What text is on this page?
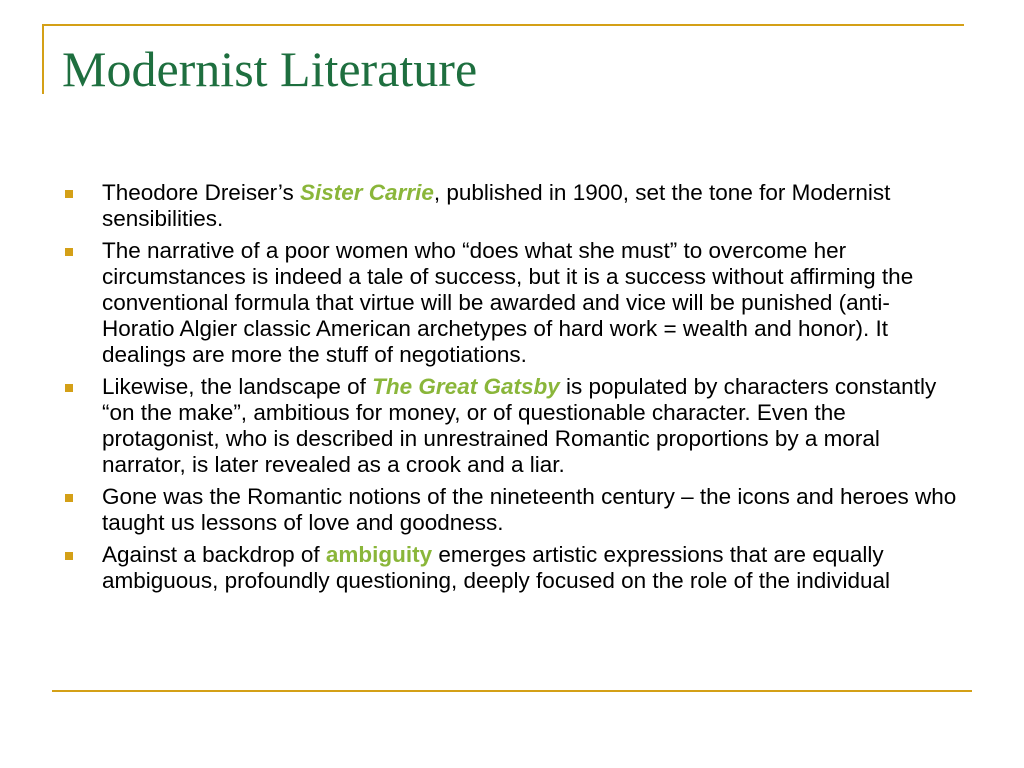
Modernist Literature
Theodore Dreiser’s Sister Carrie, published in 1900, set the tone for Modernist sensibilities.
The narrative of a poor women who “does what she must” to overcome her circumstances is indeed a tale of success, but it is a success without affirming the conventional formula that virtue will be awarded and vice will be punished (anti-Horatio Algier classic American archetypes of hard work = wealth and honor). It dealings are more the stuff of negotiations.
Likewise, the landscape of The Great Gatsby is populated by characters constantly “on the make”, ambitious for money, or of questionable character. Even the protagonist, who is described in unrestrained Romantic proportions by a moral narrator, is later revealed as a crook and a liar.
Gone was the Romantic notions of the nineteenth century – the icons and heroes who taught us lessons of love and goodness.
Against a backdrop of ambiguity emerges artistic expressions that are equally ambiguous, profoundly questioning, deeply focused on the role of the individual
